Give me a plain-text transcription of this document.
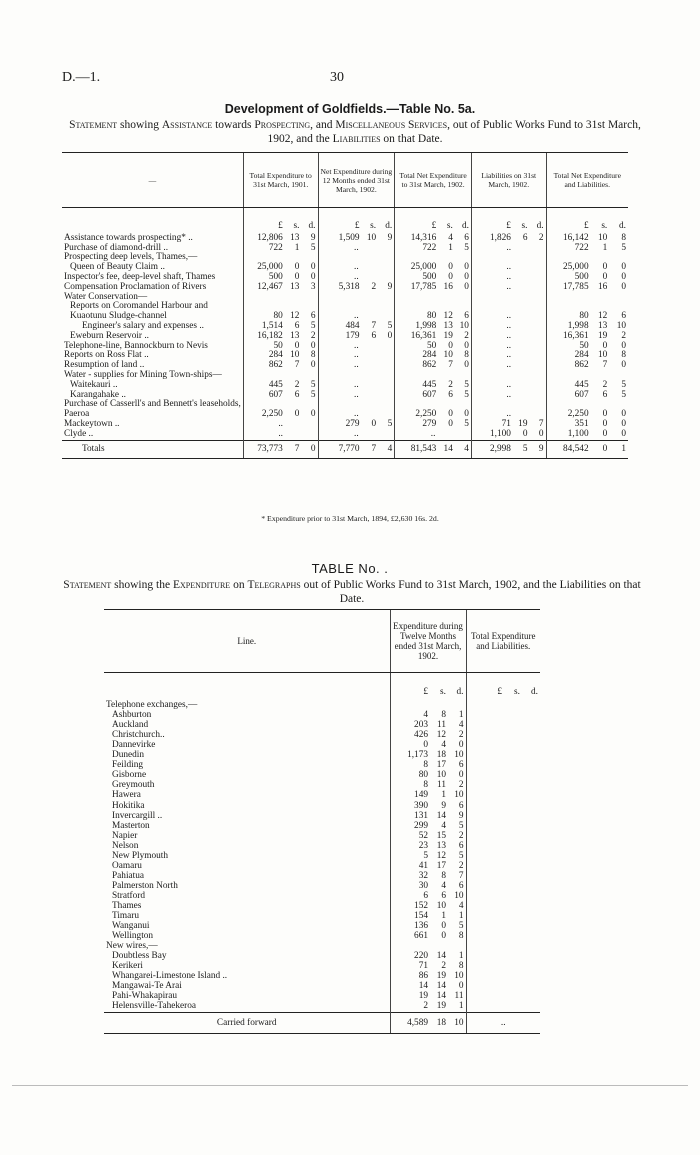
D.—1.	30
Development of Goldfields.—Table No. 5a.
Statement showing Assistance towards Prospecting, and Miscellaneous Services, out of Public Works Fund to 31st March, 1902, and the Liabilities on that Date.
—	Total Expenditure to 31st March, 1901.			Net Expenditure during 12 Months ended 31st March, 1902.			Total Net Expenditure to 31st March, 1902.			Liabilities on 31st March, 1902.			Total Net Expenditure and Liabilities.		
	£	s.	d.	£	s.	d.	£	s.	d.	£	s.	d.	£	s.	d.
Assistance towards prospecting* ..	12,806	13	9	1,509	10	9	14,316	4	6	1,826	6	2	16,142	10	8
Purchase of diamond-drill ..	722	1	5	..			722	1	5	..			722	1	5
Prospecting deep levels, Thames,—															
Queen of Beauty Claim ..	25,000	0	0	..			25,000	0	0	..			25,000	0	0
Inspector's fee, deep-level shaft, Thames	500	0	0	..			500	0	0	..			500	0	0
Compensation Proclamation of Rivers	12,467	13	3	5,318	2	9	17,785	16	0	..			17,785	16	0
Water Conservation—															
Reports on Coromandel Harbour and Kuaotunu Sludge-channel	80	12	6	..			80	12	6	..			80	12	6
Engineer's salary and expenses ..	1,514	6	5	484	7	5	1,998	13	10	..			1,998	13	10
Eweburn Reservoir ..	16,182	13	2	179	6	0	16,361	19	2	..			16,361	19	2
Telephone-line, Bannockburn to Nevis	50	0	0	..			50	0	0	..			50	0	0
Reports on Ross Flat ..	284	10	8	..			284	10	8	..			284	10	8
Resumption of land ..	862	7	0	..			862	7	0	..			862	7	0
Water - supplies for Mining Town-ships—															
Waitekauri ..	445	2	5	..			445	2	5	..			445	2	5
Karangahake ..	607	6	5	..			607	6	5	..			607	6	5
Purchase of Casserll's and Bennett's leaseholds, Paeroa	2,250	0	0	..			2,250	0	0	..			2,250	0	0
Mackeytown ..	..			279	0	5	279	0	5	71	19	7	351	0	0
Clyde ..	..			..			..			1,100	0	0	1,100	0	0
Totals	73,773	7	0	7,770	7	4	81,543	14	4	2,998	5	9	84,542	0	1
* Expenditure prior to 31st March, 1894, £2,630 16s. 2d.
TABLE No. .
Statement showing the Expenditure on Telegraphs out of Public Works Fund to 31st March, 1902, and the Liabilities on that Date.
Line.	Expenditure during Twelve Months ended 31st March, 1902.			Total Expenditure and Liabilities.		
	£	s.	d.	£	s.	d.
Telephone exchanges,—						
Ashburton	4	8	1			
Auckland	203	11	4			
Christchurch..	426	12	2			
Dannevirke	0	4	0			
Dunedin	1,173	18	10			
Feilding	8	17	6			
Gisborne	80	10	0			
Greymouth	8	11	2			
Hawera	149	1	10			
Hokitika	390	9	6			
Invercargill ..	131	14	9			
Masterton	299	4	5			
Napier	52	15	2			
Nelson	23	13	6			
New Plymouth	5	12	5			
Oamaru	41	17	2			
Pahiatua	32	8	7			
Palmerston North	30	4	6			
Stratford	6	6	10			
Thames	152	10	4			
Timaru	154	1	1			
Wanganui	136	0	5			
Wellington	661	0	8			
New wires,—						
Doubtless Bay	220	14	1			
Kerikeri	71	2	8			
Whangarei-Limestone Island ..	86	19	10			
Mangawai-Te Arai	14	14	0			
Pahi-Whakapirau	19	14	11			
Helensville-Tahekeroa	2	19	1			
Carried forward	4,589	18	10	..		
